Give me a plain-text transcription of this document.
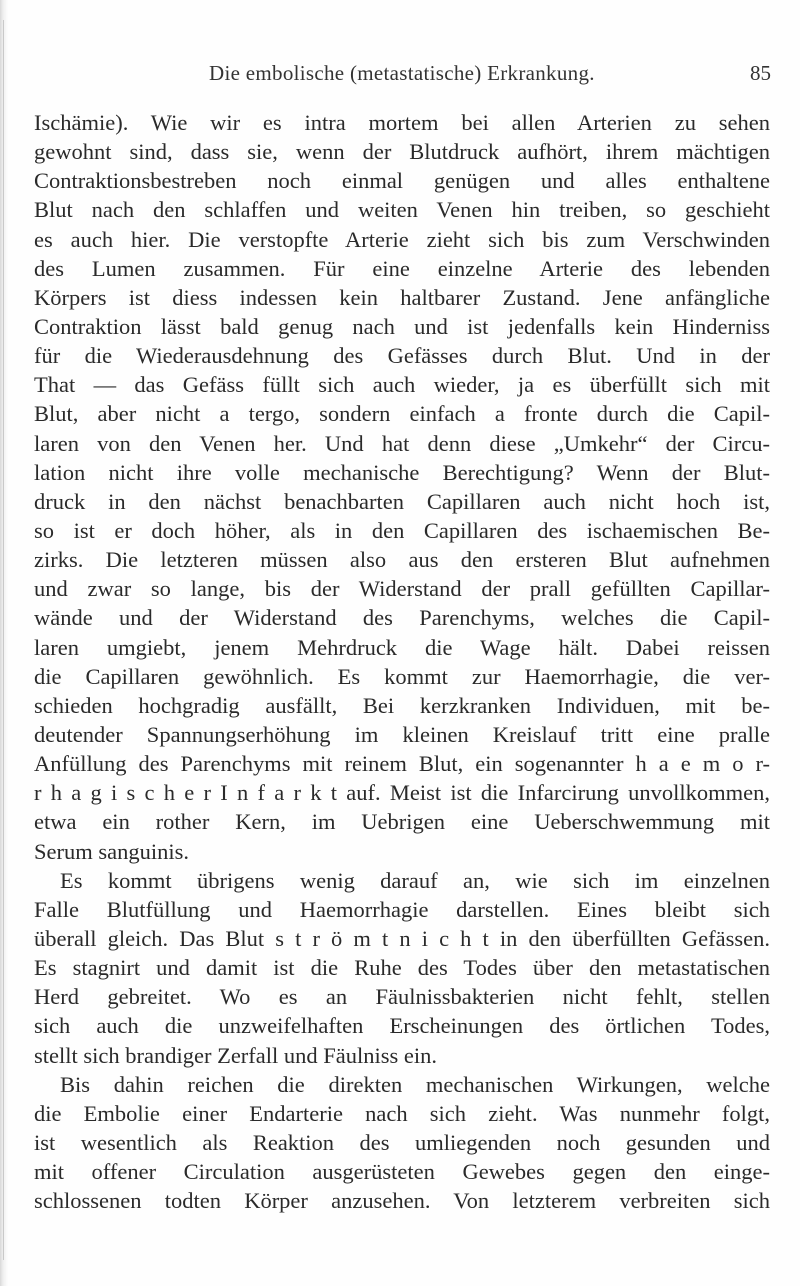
Die embolische (metastatische) Erkrankung.	85
Ischämie). Wie wir es intra mortem bei allen Arterien zu sehen
gewohnt sind, dass sie, wenn der Blutdruck aufhört, ihrem mächtigen
Contraktionsbestreben noch einmal genügen und alles enthaltene
Blut nach den schlaffen und weiten Venen hin treiben, so geschieht
es auch hier. Die verstopfte Arterie zieht sich bis zum Verschwinden
des Lumen zusammen. Für eine einzelne Arterie des lebenden
Körpers ist diess indessen kein haltbarer Zustand. Jene anfängliche
Contraktion lässt bald genug nach und ist jedenfalls kein Hinderniss
für die Wiederausdehnung des Gefässes durch Blut. Und in der
That — das Gefäss füllt sich auch wieder, ja es überfüllt sich mit
Blut, aber nicht a tergo, sondern einfach a fronte durch die Capil-
laren von den Venen her. Und hat denn diese „Umkehr“ der Circu-
lation nicht ihre volle mechanische Berechtigung? Wenn der Blut-
druck in den nächst benachbarten Capillaren auch nicht hoch ist,
so ist er doch höher, als in den Capillaren des ischaemischen Be-
zirks. Die letzteren müssen also aus den ersteren Blut aufnehmen
und zwar so lange, bis der Widerstand der prall gefüllten Capillar-
wände und der Widerstand des Parenchyms, welches die Capil-
laren umgiebt, jenem Mehrdruck die Wage hält. Dabei reissen
die Capillaren gewöhnlich. Es kommt zur Haemorrhagie, die ver-
schieden hochgradig ausfällt, Bei kerzkranken Individuen, mit be-
deutender Spannungserhöhung im kleinen Kreislauf tritt eine pralle
Anfüllung des Parenchyms mit reinem Blut, ein sogenannter h a e m o r-
r h a g i s c h e r I n f a r k t auf. Meist ist die Infarcirung unvollkommen,
etwa ein rother Kern, im Uebrigen eine Ueberschwemmung mit
Serum sanguinis.
Es kommt übrigens wenig darauf an, wie sich im einzelnen
Falle Blutfüllung und Haemorrhagie darstellen. Eines bleibt sich
überall gleich. Das Blut s t r ö m t n i c h t in den überfüllten Gefässen.
Es stagnirt und damit ist die Ruhe des Todes über den metastatischen
Herd gebreitet. Wo es an Fäulnissbakterien nicht fehlt, stellen
sich auch die unzweifelhaften Erscheinungen des örtlichen Todes,
stellt sich brandiger Zerfall und Fäulniss ein.
Bis dahin reichen die direkten mechanischen Wirkungen, welche
die Embolie einer Endarterie nach sich zieht. Was nunmehr folgt,
ist wesentlich als Reaktion des umliegenden noch gesunden und
mit offener Circulation ausgerüsteten Gewebes gegen den einge-
schlossenen todten Körper anzusehen. Von letzterem verbreiten sich
